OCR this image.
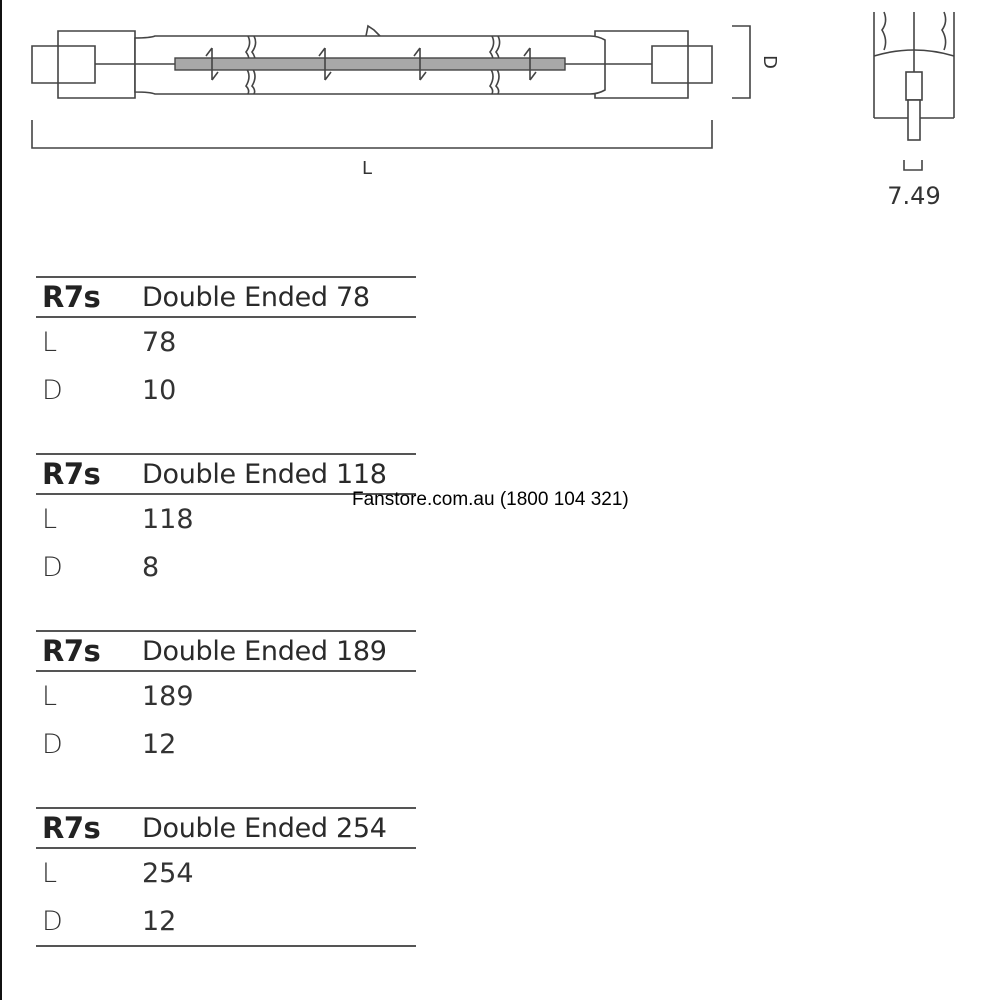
L
D
7.49
R7s	Double Ended 78
L	78
D	10
R7s	Double Ended 118
L	118
D	8
R7s	Double Ended 189
L	189
D	12
R7s	Double Ended 254
L	254
D	12
Fanstore.com.au (1800 104 321)
